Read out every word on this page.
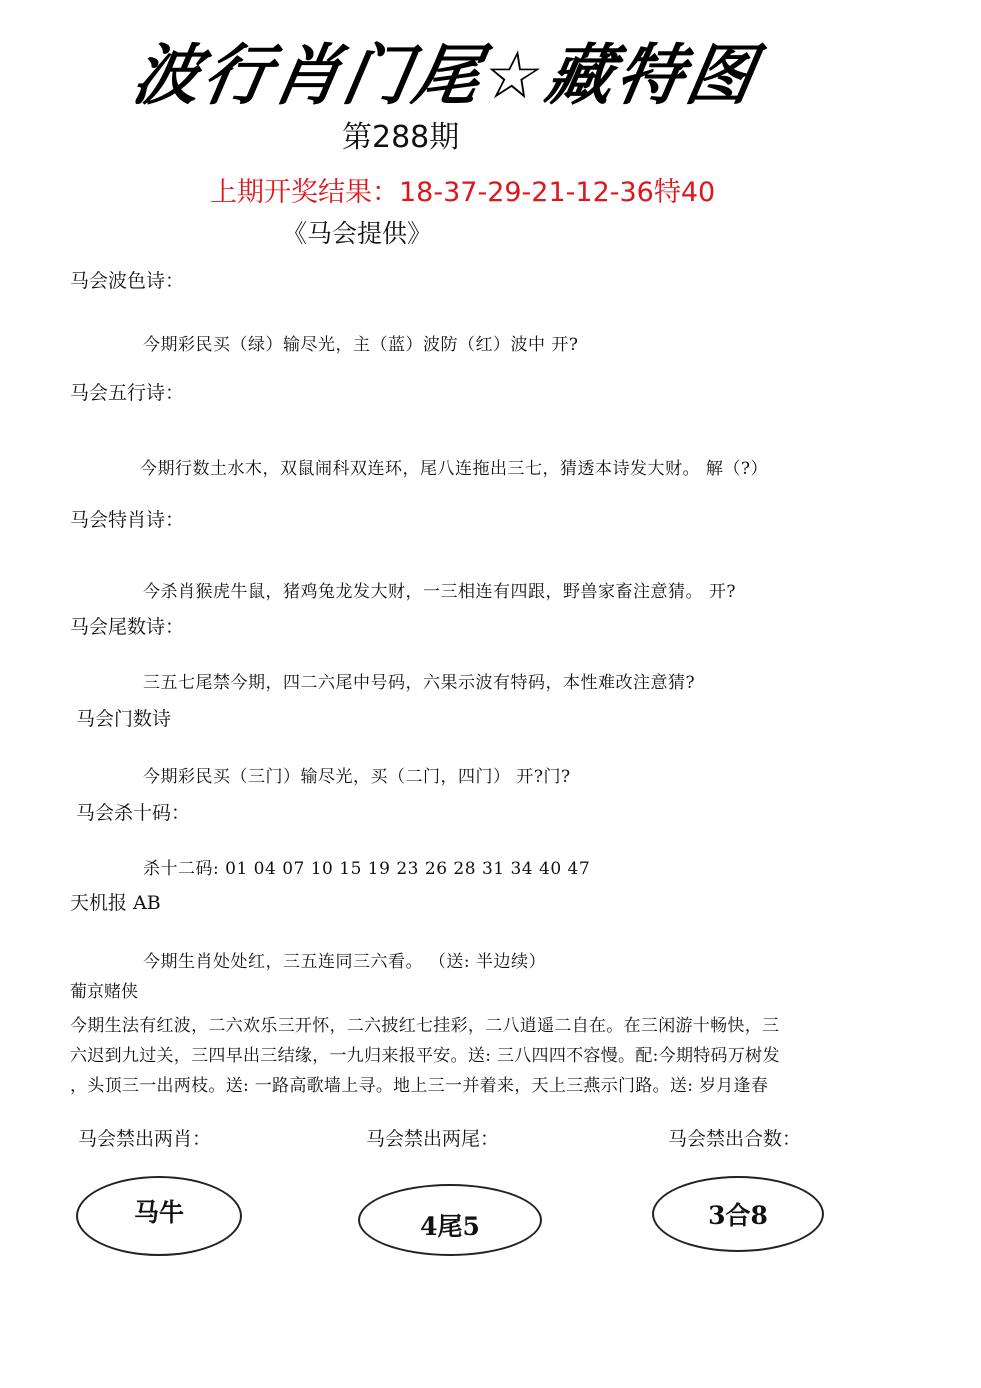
波行肖门尾☆藏特图
第288期
上期开奖结果：18-37-29-21-12-36特40
《马会提供》
马会波色诗：
今期彩民买（绿）输尽光，主（蓝）波防（红）波中 开?
马会五行诗：
今期行数土水木，双鼠闹科双连环，尾八连拖出三七，猜透本诗发大财。 解（?）
马会特肖诗：
今杀肖猴虎牛鼠，猪鸡兔龙发大财，一三相连有四跟，野兽家畜注意猜。 开?
马会尾数诗：
三五七尾禁今期，四二六尾中号码，六果示波有特码，本性难改注意猜?
马会门数诗
今期彩民买（三门）输尽光，买（二门，四门） 开?门?
马会杀十码：
杀十二码: 01 04 07 10 15 19 23 26 28 31 34 40 47
天机报 AB
今期生肖处处红，三五连同三六看。 （送: 半边续）
葡京赌侠
今期生法有红波，二六欢乐三开怀，二六披红七挂彩，二八逍遥二自在。在三闲游十畅快，三
六迟到九过关，三四早出三结缘，一九归来报平安。送: 三八四四不容慢。配:今期特码万树发
，头顶三一出两枝。送: 一路高歌墙上寻。地上三一并着来，天上三燕示门路。送: 岁月逢春
马会禁出两肖：	马会禁出两尾：	马会禁出合数：
马牛	4尾5	3合8
